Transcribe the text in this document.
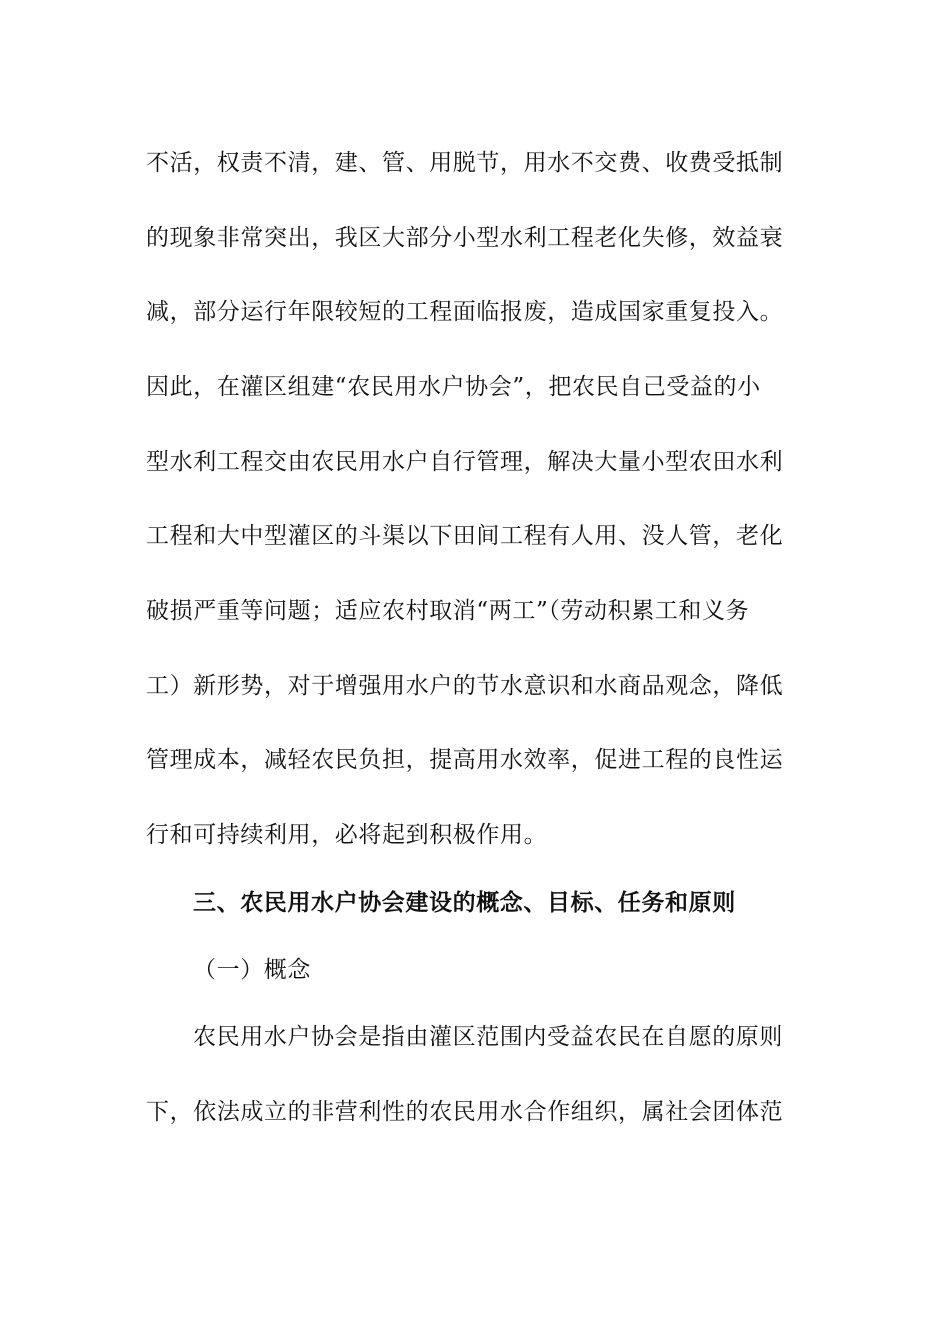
不活，权责不清，建、管、用脱节，用水不交费、收费受抵制
的现象非常突出，我区大部分小型水利工程老化失修，效益衰
减，部分运行年限较短的工程面临报废，造成国家重复投入。
因此，在灌区组建“农民用水户协会”，把农民自己受益的小
型水利工程交由农民用水户自行管理，解决大量小型农田水利
工程和大中型灌区的斗渠以下田间工程有人用、没人管，老化
破损严重等问题；适应农村取消“两工”（劳动积累工和义务
工）新形势，对于增强用水户的节水意识和水商品观念，降低
管理成本，减轻农民负担，提高用水效率，促进工程的良性运
行和可持续利用，必将起到积极作用。
三、农民用水户协会建设的概念、目标、任务和原则
（一）概念
农民用水户协会是指由灌区范围内受益农民在自愿的原则
下，依法成立的非营利性的农民用水合作组织，属社会团体范
